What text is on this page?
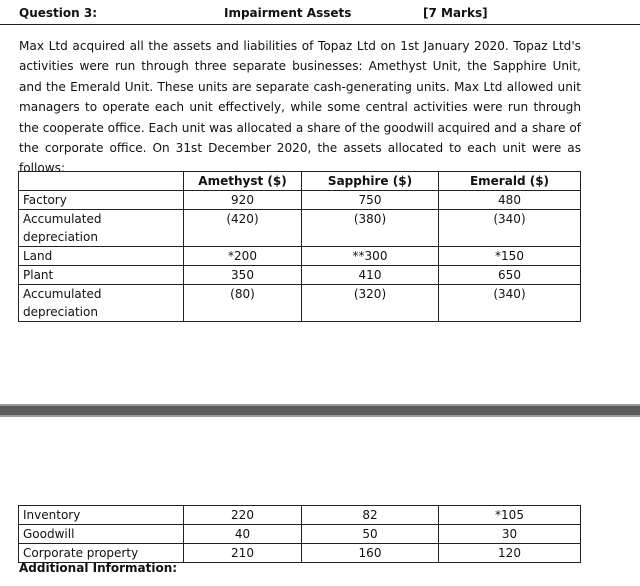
Question 3:	Impairment Assets	[7 Marks]

Max Ltd acquired all the assets and liabilities of Topaz Ltd on 1st January 2020. Topaz Ltd's activities were run through three separate businesses: Amethyst Unit, the Sapphire Unit, and the Emerald Unit. These units are separate cash-generating units. Max Ltd allowed unit managers to operate each unit effectively, while some central activities were run through the cooperate office. Each unit was allocated a share of the goodwill acquired and a share of the corporate office. On 31st December 2020, the assets allocated to each unit were as follows:

	Amethyst ($)	Sapphire ($)	Emerald ($)
Factory	920	750	480
Accumulated depreciation	(420)	(380)	(340)
Land	*200	**300	*150
Plant	350	410	650
Accumulated depreciation	(80)	(320)	(340)
Inventory	220	82	*105
Goodwill	40	50	30
Corporate property	210	160	120
Additional Information:
